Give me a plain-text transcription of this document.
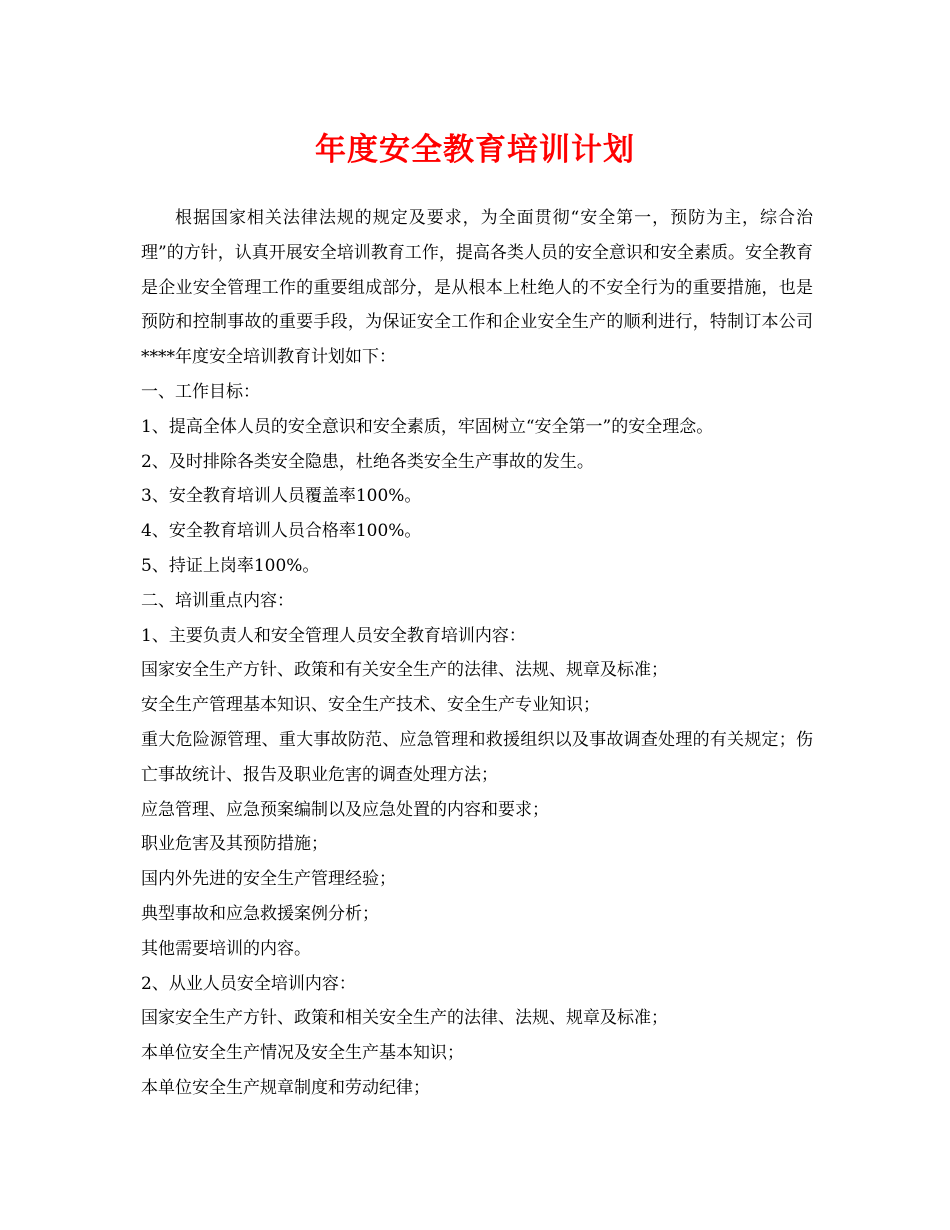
年度安全教育培训计划

根据国家相关法律法规的规定及要求，为全面贯彻“安全第一，预防为主，综合治理”的方针，认真开展安全培训教育工作，提高各类人员的安全意识和安全素质。安全教育是企业安全管理工作的重要组成部分，是从根本上杜绝人的不安全行为的重要措施，也是预防和控制事故的重要手段，为保证安全工作和企业安全生产的顺利进行，特制订本公司****年度安全培训教育计划如下：

一、工作目标：

1、提高全体人员的安全意识和安全素质，牢固树立“安全第一”的安全理念。

2、及时排除各类安全隐患，杜绝各类安全生产事故的发生。

3、安全教育培训人员覆盖率100%。

4、安全教育培训人员合格率100%。

5、持证上岗率100%。

二、培训重点内容：

1、主要负责人和安全管理人员安全教育培训内容：

国家安全生产方针、政策和有关安全生产的法律、法规、规章及标准；

安全生产管理基本知识、安全生产技术、安全生产专业知识；

重大危险源管理、重大事故防范、应急管理和救援组织以及事故调查处理的有关规定；伤亡事故统计、报告及职业危害的调查处理方法；

应急管理、应急预案编制以及应急处置的内容和要求；

职业危害及其预防措施；

国内外先进的安全生产管理经验；

典型事故和应急救援案例分析；

其他需要培训的内容。

2、从业人员安全培训内容：

国家安全生产方针、政策和相关安全生产的法律、法规、规章及标准；

本单位安全生产情况及安全生产基本知识；

本单位安全生产规章制度和劳动纪律；
